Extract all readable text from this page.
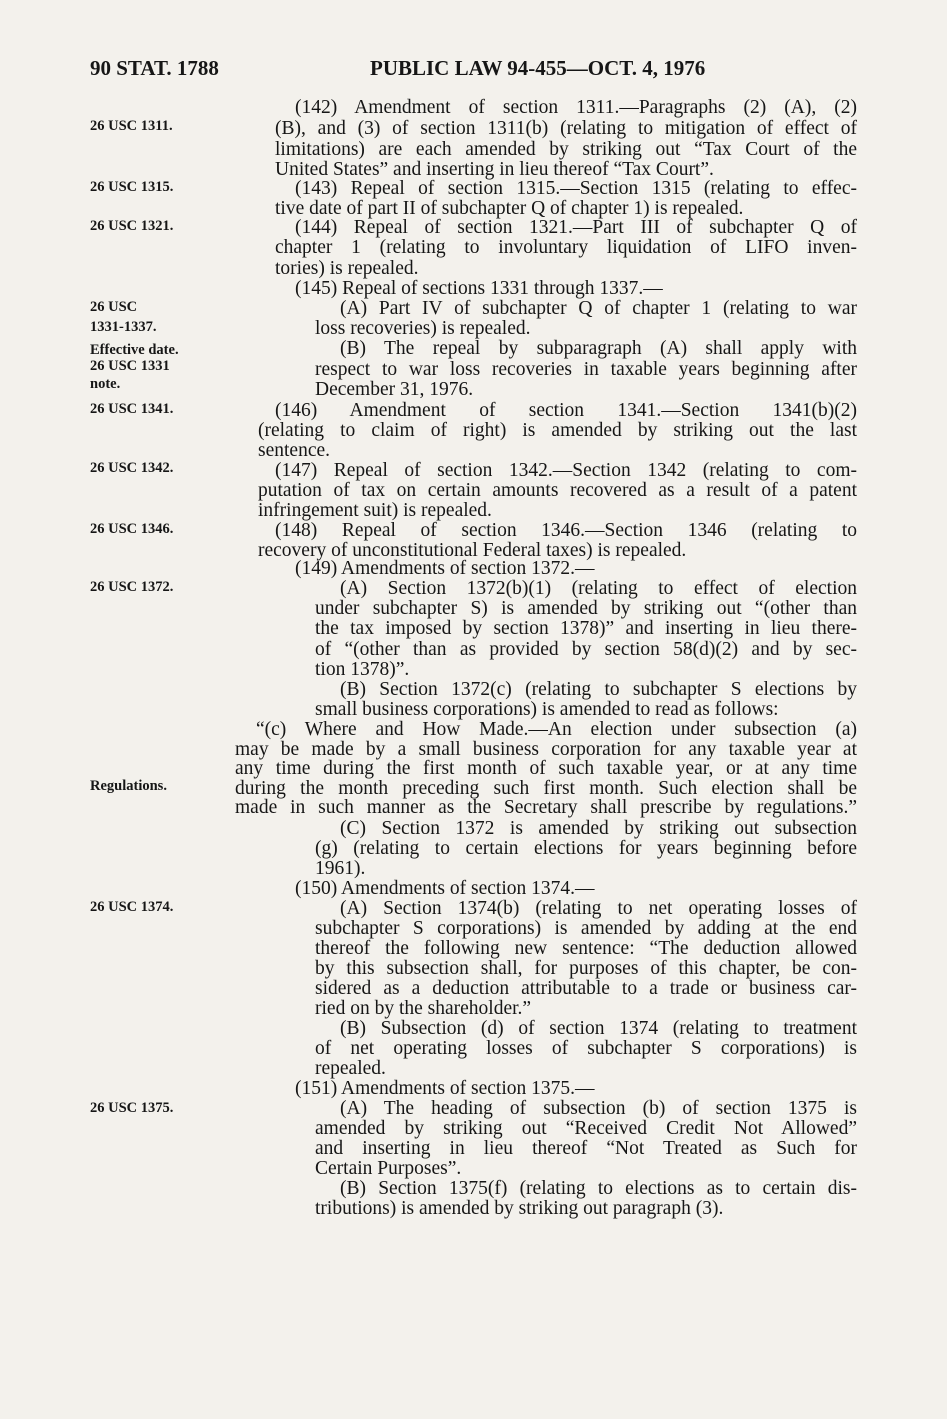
90 STAT. 1788	PUBLIC LAW 94-455—OCT. 4, 1976
26 USC 1311.
26 USC 1315.
26 USC 1321.
26 USC
1331-1337.
Effective date.
26 USC 1331
note.
26 USC 1341.
26 USC 1342.
26 USC 1346.
26 USC 1372.
Regulations.
26 USC 1374.
26 USC 1375.
(142) Amendment of section 1311.—Paragraphs (2) (A), (2)
(B), and (3) of section 1311(b) (relating to mitigation of effect of
limitations) are each amended by striking out “Tax Court of the
United States” and inserting in lieu thereof “Tax Court”.
(143) Repeal of section 1315.—Section 1315 (relating to effec-
tive date of part II of subchapter Q of chapter 1) is repealed.
(144) Repeal of section 1321.—Part III of subchapter Q of
chapter 1 (relating to involuntary liquidation of LIFO inven-
tories) is repealed.
(145) Repeal of sections 1331 through 1337.—
(A) Part IV of subchapter Q of chapter 1 (relating to war
loss recoveries) is repealed.
(B) The repeal by subparagraph (A) shall apply with
respect to war loss recoveries in taxable years beginning after
December 31, 1976.
(146) Amendment of section 1341.—Section 1341(b)(2)
(relating to claim of right) is amended by striking out the last
sentence.
(147) Repeal of section 1342.—Section 1342 (relating to com-
putation of tax on certain amounts recovered as a result of a patent
infringement suit) is repealed.
(148) Repeal of section 1346.—Section 1346 (relating to
recovery of unconstitutional Federal taxes) is repealed.
(149) Amendments of section 1372.—
(A) Section 1372(b)(1) (relating to effect of election
under subchapter S) is amended by striking out “(other than
the tax imposed by section 1378)” and inserting in lieu there-
of “(other than as provided by section 58(d)(2) and by sec-
tion 1378)”.
(B) Section 1372(c) (relating to subchapter S elections by
small business corporations) is amended to read as follows:
“(c) Where and How Made.—An election under subsection (a)
may be made by a small business corporation for any taxable year at
any time during the first month of such taxable year, or at any time
during the month preceding such first month. Such election shall be
made in such manner as the Secretary shall prescribe by regulations.”
(C) Section 1372 is amended by striking out subsection
(g) (relating to certain elections for years beginning before
1961).
(150) Amendments of section 1374.—
(A) Section 1374(b) (relating to net operating losses of
subchapter S corporations) is amended by adding at the end
thereof the following new sentence: “The deduction allowed
by this subsection shall, for purposes of this chapter, be con-
sidered as a deduction attributable to a trade or business car-
ried on by the shareholder.”
(B) Subsection (d) of section 1374 (relating to treatment
of net operating losses of subchapter S corporations) is
repealed.
(151) Amendments of section 1375.—
(A) The heading of subsection (b) of section 1375 is
amended by striking out “Received Credit Not Allowed”
and inserting in lieu thereof “Not Treated as Such for
Certain Purposes”.
(B) Section 1375(f) (relating to elections as to certain dis-
tributions) is amended by striking out paragraph (3).
